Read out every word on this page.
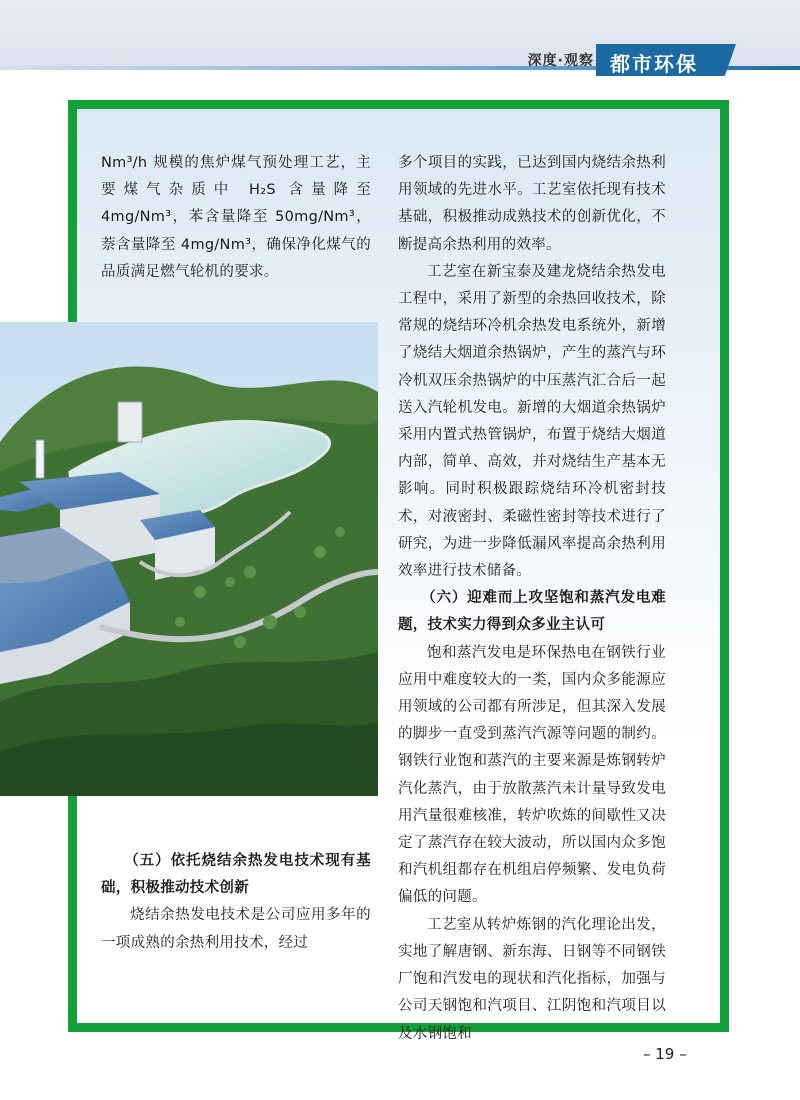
深度·观察 都市环保

Nm³/h 规模的焦炉煤气预处理工艺，主要煤气杂质中 H₂S 含量降至 4mg/Nm³，苯含量降至 50mg/Nm³，萘含量降至 4mg/Nm³，确保净化煤气的品质满足燃气轮机的要求。

（五）依托烧结余热发电技术现有基础，积极推动技术创新

烧结余热发电技术是公司应用多年的一项成熟的余热利用技术，经过

多个项目的实践，已达到国内烧结余热利用领域的先进水平。工艺室依托现有技术基础，积极推动成熟技术的创新优化，不断提高余热利用的效率。

工艺室在新宝泰及建龙烧结余热发电工程中，采用了新型的余热回收技术，除常规的烧结环冷机余热发电系统外，新增了烧结大烟道余热锅炉，产生的蒸汽与环冷机双压余热锅炉的中压蒸汽汇合后一起送入汽轮机发电。新增的大烟道余热锅炉采用内置式热管锅炉，布置于烧结大烟道内部，简单、高效，并对烧结生产基本无影响。同时积极跟踪烧结环冷机密封技术，对液密封、柔磁性密封等技术进行了研究，为进一步降低漏风率提高余热利用效率进行技术储备。

（六）迎难而上攻坚饱和蒸汽发电难题，技术实力得到众多业主认可

饱和蒸汽发电是环保热电在钢铁行业应用中难度较大的一类，国内众多能源应用领域的公司都有所涉足，但其深入发展的脚步一直受到蒸汽汽源等问题的制约。钢铁行业饱和蒸汽的主要来源是炼钢转炉汽化蒸汽，由于放散蒸汽未计量导致发电用汽量很难核准，转炉吹炼的间歇性又决定了蒸汽存在较大波动，所以国内众多饱和汽机组都存在机组启停频繁、发电负荷偏低的问题。

工艺室从转炉炼钢的汽化理论出发，实地了解唐钢、新东海、日钢等不同钢铁厂饱和汽发电的现状和汽化指标，加强与公司天钢饱和汽项目、江阴饱和汽项目以及水钢饱和

– 19 –
